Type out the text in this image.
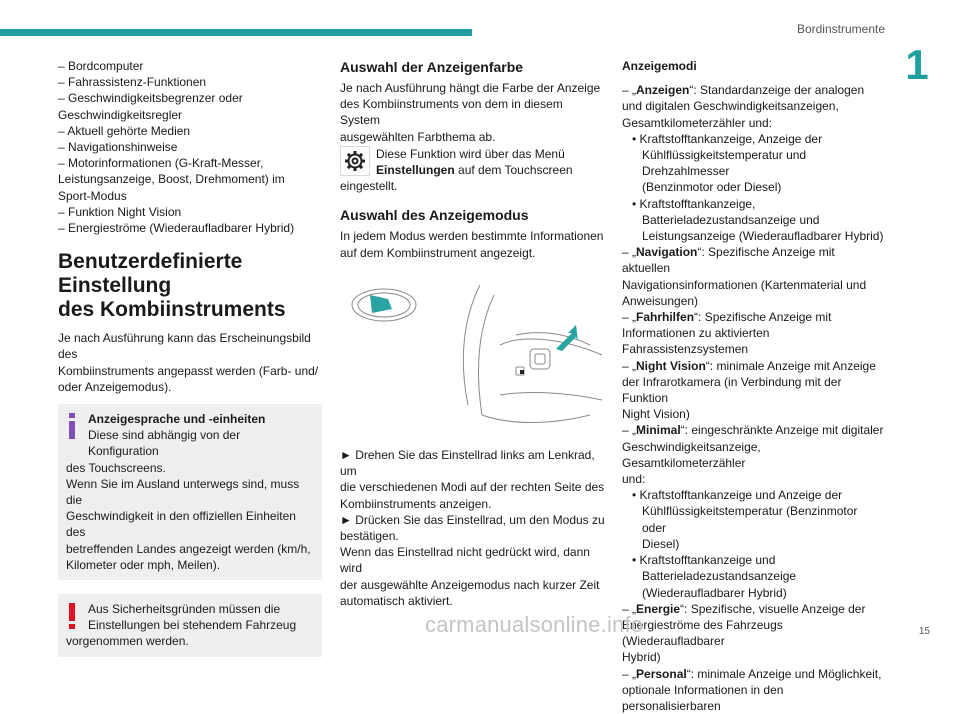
Bordinstrumente
1

– Bordcomputer

– Fahrassistenz-Funktionen

– Geschwindigkeitsbegrenzer oder

Geschwindigkeitsregler

– Aktuell gehörte Medien

– Navigationshinweise

– Motorinformationen (G-Kraft-Messer,

Leistungsanzeige, Boost, Drehmoment) im

Sport-Modus

– Funktion Night Vision

– Energieströme (Wiederaufladbarer Hybrid)

Benutzerdefinierte Einstellung
des Kombiinstruments

Je nach Ausführung kann das Erscheinungsbild des

Kombiinstruments angepasst werden (Farb- und/

oder Anzeigemodus).

Anzeigesprache und -einheiten

Diese sind abhängig von der Konfiguration

des Touchscreens.

Wenn Sie im Ausland unterwegs sind, muss die

Geschwindigkeit in den offiziellen Einheiten des

betreffenden Landes angezeigt werden (km/h,

Kilometer oder mph, Meilen).

Aus Sicherheitsgründen müssen die

Einstellungen bei stehendem Fahrzeug

vorgenommen werden.

Auswahl der Anzeigenfarbe

Je nach Ausführung hängt die Farbe der Anzeige

des Kombiinstruments von dem in diesem System

ausgewählten Farbthema ab.

Diese Funktion wird über das Menü

Einstellungen auf dem Touchscreen

eingestellt.

Auswahl des Anzeigemodus

In jedem Modus werden bestimmte Informationen

auf dem Kombiinstrument angezeigt.

► Drehen Sie das Einstellrad links am Lenkrad, um

die verschiedenen Modi auf der rechten Seite des

Kombiinstruments anzeigen.

► Drücken Sie das Einstellrad, um den Modus zu

bestätigen.

Wenn das Einstellrad nicht gedrückt wird, dann wird

der ausgewählte Anzeigemodus nach kurzer Zeit

automatisch aktiviert.

Anzeigemodi

– „Anzeigen“: Standardanzeige der analogen

und digitalen Geschwindigkeitsanzeigen,

Gesamtkilometerzähler und:

• Kraftstofftankanzeige, Anzeige der

Kühlflüssigkeitstemperatur und Drehzahlmesser

(Benzinmotor oder Diesel)

• Kraftstofftankanzeige,

Batterieladezustandsanzeige und

Leistungsanzeige (Wiederaufladbarer Hybrid)

– „Navigation“: Spezifische Anzeige mit aktuellen

Navigationsinformationen (Kartenmaterial und

Anweisungen)

– „Fahrhilfen“: Spezifische Anzeige mit

Informationen zu aktivierten Fahrassistenzsystemen

– „Night Vision“: minimale Anzeige mit Anzeige

der Infrarotkamera (in Verbindung mit der Funktion

Night Vision)

– „Minimal“: eingeschränkte Anzeige mit digitaler

Geschwindigkeitsanzeige, Gesamtkilometerzähler

und:

• Kraftstofftankanzeige und Anzeige der

Kühlflüssigkeitstemperatur (Benzinmotor oder

Diesel)

• Kraftstofftankanzeige und

Batterieladezustandsanzeige

(Wiederaufladbarer Hybrid)

– „Energie“: Spezifische, visuelle Anzeige der

Energieströme des Fahrzeugs (Wiederaufladbarer

Hybrid)

– „Personal“: minimale Anzeige und Möglichkeit,

optionale Informationen in den personalisierbaren

carmanualsonline.info	15
